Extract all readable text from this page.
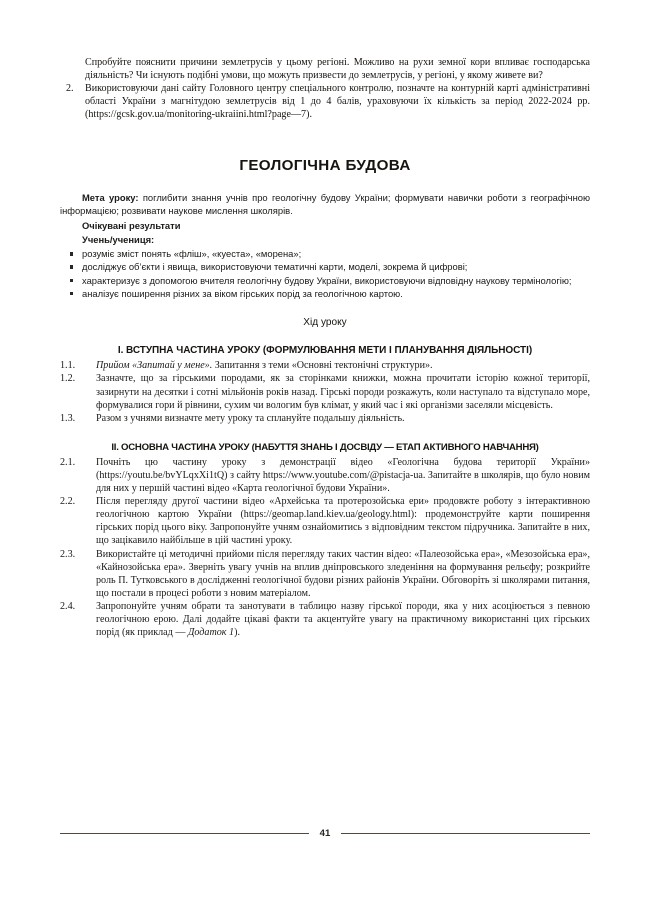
Спробуйте пояснити причини землетрусів у цьому регіоні. Можливо на рухи земної кори впливає господарська діяльність? Чи існують подібні умови, що можуть призвести до землетрусів, у регіоні, у якому живете ви?

2.	Використовуючи дані сайту Головного центру спеціального контролю, позначте на контурній карті адміністративні області України з магнітудою землетрусів від 1 до 4 балів, ураховуючи їх кількість за період 2022-2024 рр. (https://gcsk.gov.ua/monitoring-ukraiini.html?page—7).
ГЕОЛОГІЧНА БУДОВА

Мета уроку: поглибити знання учнів про геологічну будову України; формувати навички роботи з географічною інформацією; розвивати наукове мислення школярів.

Очікувані результати

Учень/учениця:

розуміє зміст понять «фліш», «куеста», «морена»;
досліджує об’єкти і явища, використовуючи тематичні карти, моделі, зокрема й цифрові;
характеризує з допомогою вчителя геологічну будову України, використовуючи відповідну наукову термінологію;
аналізує поширення різних за віком гірських порід за геологічною картою.

Хід уроку

I. ВСТУПНА ЧАСТИНА УРОКУ (ФОРМУЛЮВАННЯ МЕТИ І ПЛАНУВАННЯ ДІЯЛЬНОСТІ)
1.1.	Прийом «Запитай у мене». Запитання з теми «Основні тектонічні структури».
1.2.	Зазначте, що за гірськими породами, як за сторінками книжки, можна прочитати історію кожної території, зазирнути на десятки і сотні мільйонів років назад. Гірські породи розкажуть, коли наступало та відступало море, формувалися гори й рівнини, сухим чи вологим був клімат, у який час і які організми заселяли місцевість.
1.3.	Разом з учнями визначте мету уроку та сплануйте подальшу діяльність.
II. ОСНОВНА ЧАСТИНА УРОКУ (НАБУТТЯ ЗНАНЬ І ДОСВІДУ — ЕТАП АКТИВНОГО НАВЧАННЯ)
2.1.	Почніть цю частину уроку з демонстрації відео «Геологічна будова території України» (https://youtu.be/bvYLqxXi1tQ) з сайту https://www.youtube.com/@pistacja-ua. Запитайте в школярів, що було новим для них у першій частині відео «Карта геологічної будови України».
2.2.	Після перегляду другої частини відео «Архейська та протерозойська ери» продовжте роботу з інтерактивною геологічною картою України (https://geomap.land.kiev.ua/geology.html): продемонструйте карти поширення гірських порід цього віку. Запропонуйте учням ознайомитись з відповідним текстом підручника. Запитайте в них, що зацікавило найбільше в цій частині уроку.
2.3.	Використайте ці методичні прийоми після перегляду таких частин відео: «Палеозойська ера», «Мезозойська ера», «Кайнозойська ера». Зверніть увагу учнів на вплив дніпровського зледеніння на формування рельєфу; розкрийте роль П. Тутковського в дослідженні геологічної будови різних районів України. Обговоріть зі школярами питання, що постали в процесі роботи з новим матеріалом.
2.4.	Запропонуйте учням обрати та занотувати в таблицю назву гірської породи, яка у них асоціюється з певною геологічною ерою. Далі додайте цікаві факти та акцентуйте увагу на практичному використанні цих гірських порід (як приклад — Додаток 1).
41
